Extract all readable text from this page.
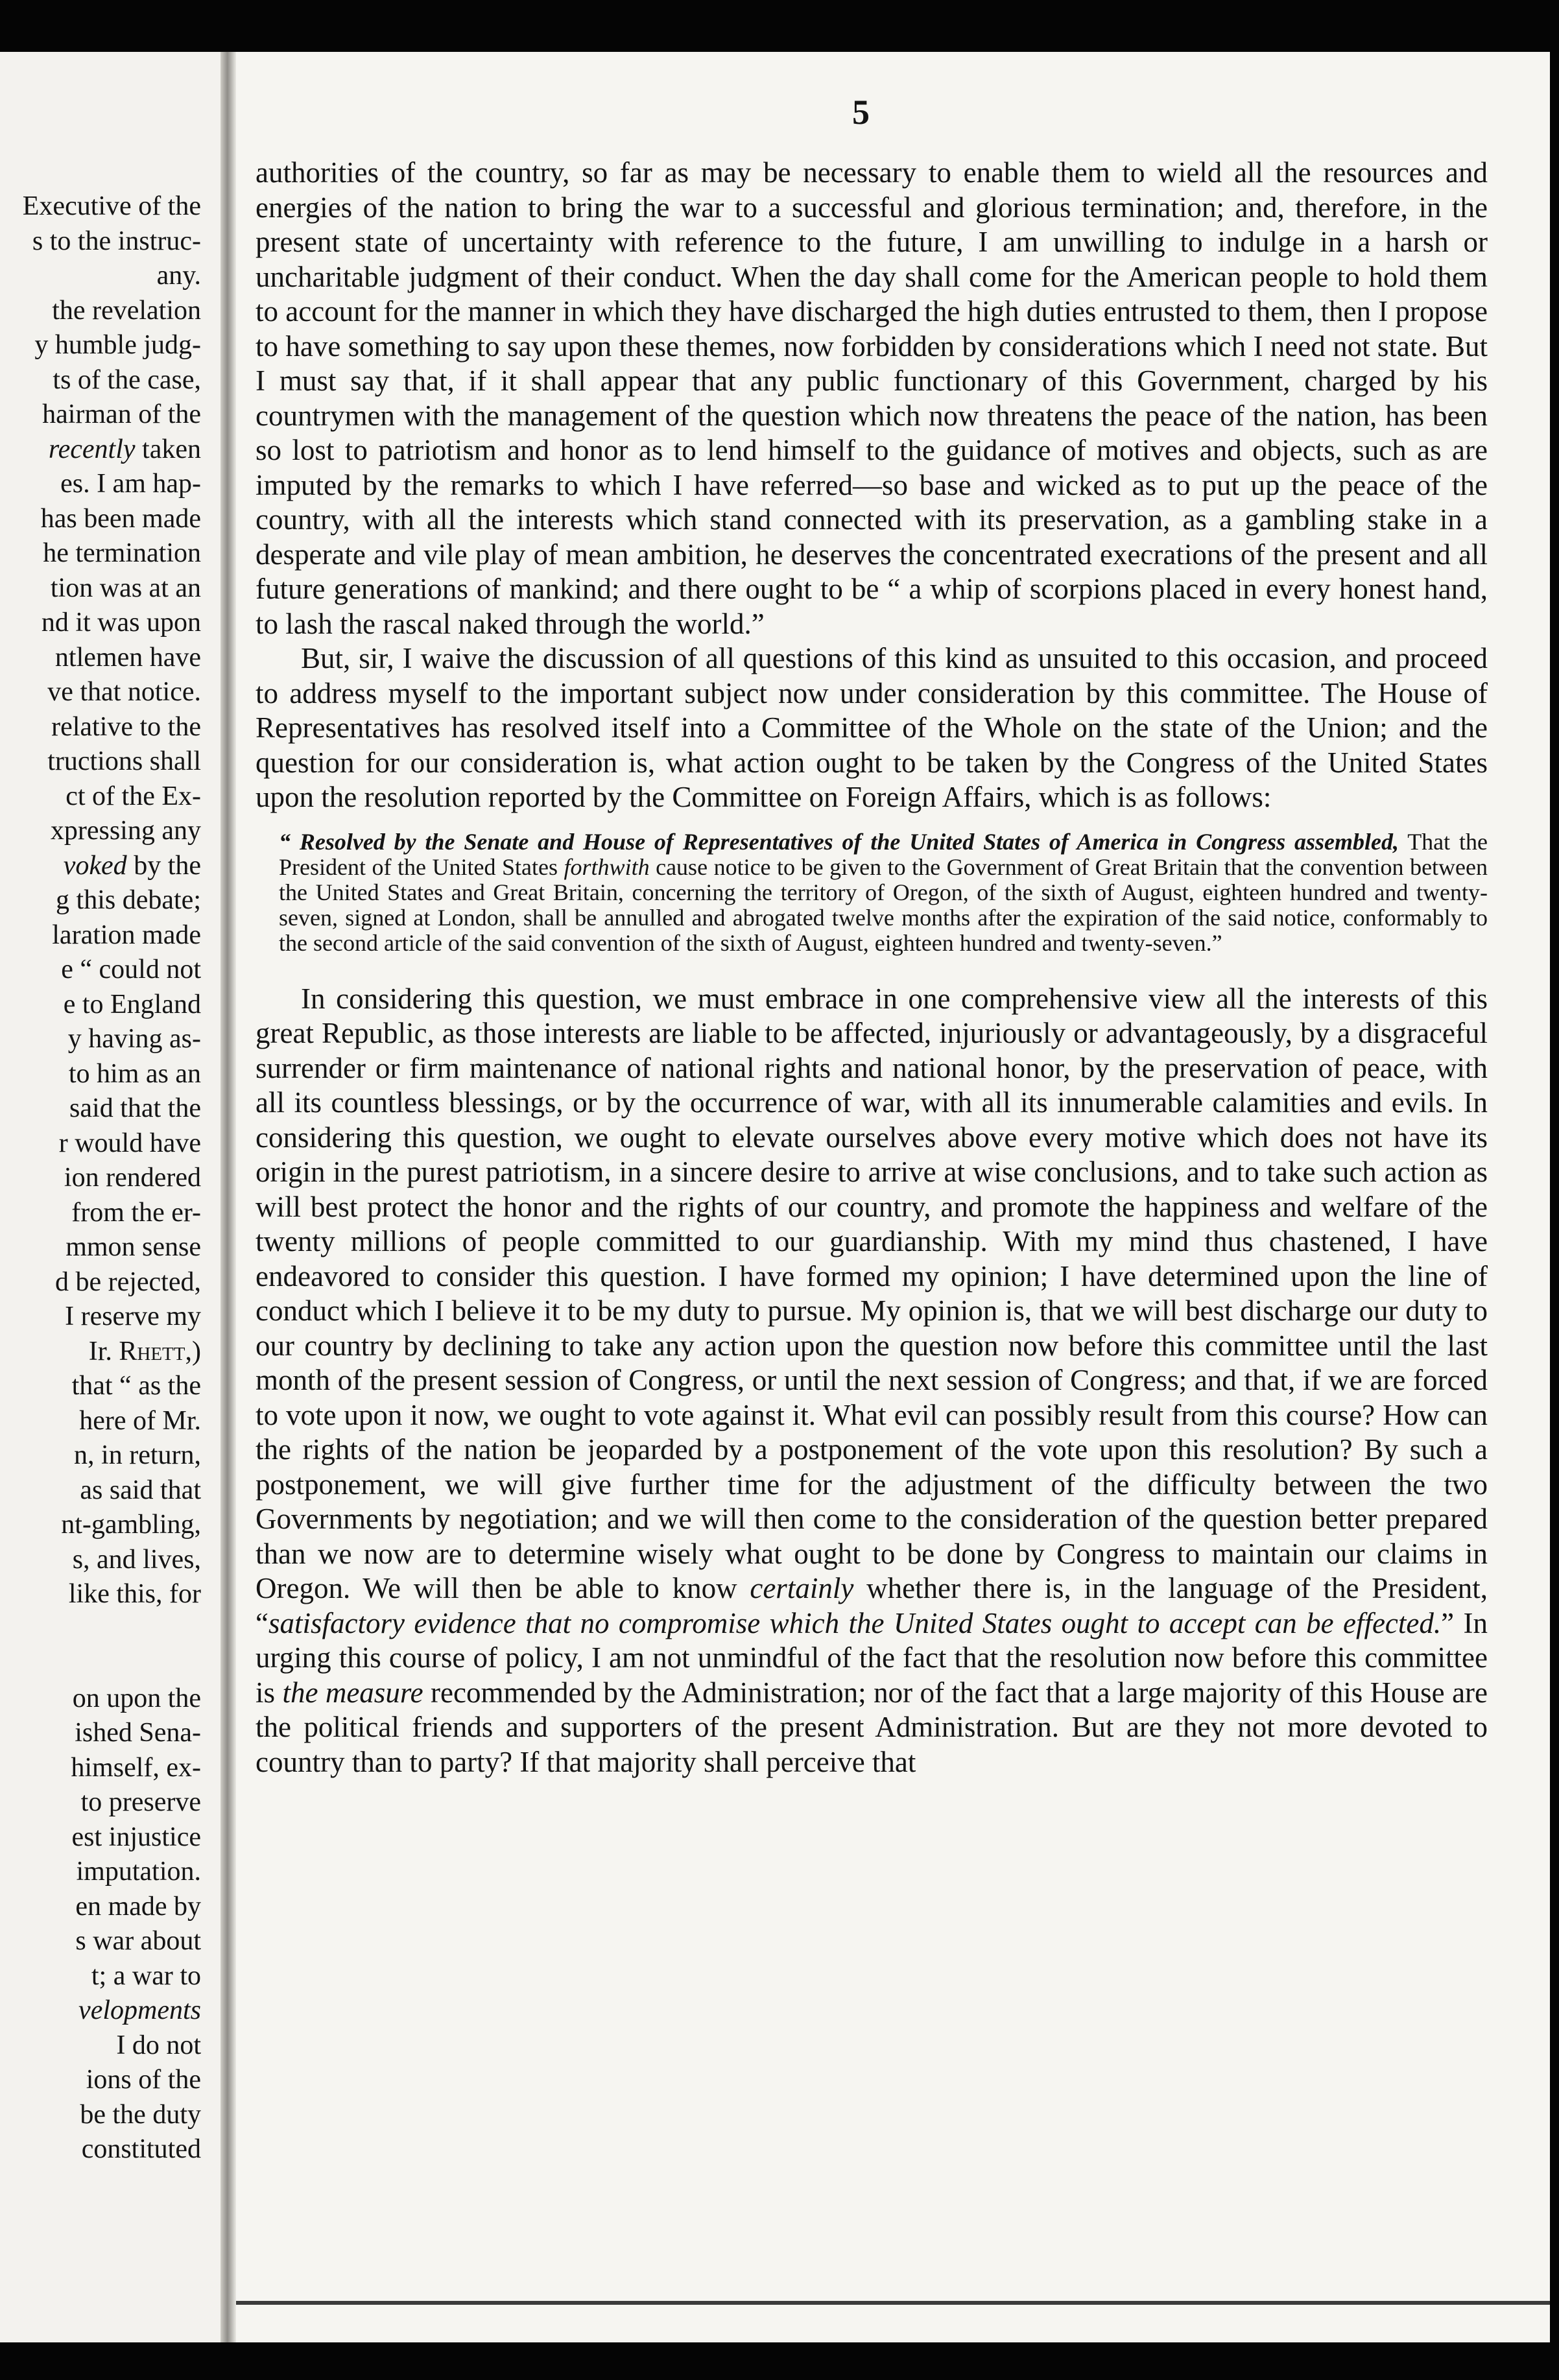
Executive of the
s to the instruc-
any.
the revelation
y humble judg-
ts of the case,
hairman of the
recently taken
es. I am hap-
has been made
he termination
tion was at an
nd it was upon
ntlemen have
ve that notice.
relative to the
tructions shall
ct of the Ex-
xpressing any
voked by the
g this debate;
laration made
e “ could not
e to England
y having as-
to him as an
said that the
r would have
ion rendered
from the er-
mmon sense
d be rejected,
I reserve my
Ir. Rhett,)
that “ as the
here of Mr.
n, in return,
as said that
nt-gambling,
s, and lives,
like this, for

on upon the
ished Sena-
himself, ex-
to preserve
est injustice
imputation.
en made by
s war about
t; a war to
velopments
I do not
ions of the
be the duty
constituted

5

authorities of the country, so far as may be necessary to enable them to wield all the resources and energies of the nation to bring the war to a successful and glorious termination; and, therefore, in the present state of uncertainty with reference to the future, I am unwilling to indulge in a harsh or uncharitable judgment of their conduct. When the day shall come for the American people to hold them to account for the manner in which they have discharged the high duties entrusted to them, then I propose to have something to say upon these themes, now forbidden by considerations which I need not state. But I must say that, if it shall appear that any public functionary of this Government, charged by his countrymen with the management of the question which now threatens the peace of the nation, has been so lost to patriotism and honor as to lend himself to the guidance of motives and objects, such as are imputed by the remarks to which I have referred—so base and wicked as to put up the peace of the country, with all the interests which stand connected with its preservation, as a gambling stake in a desperate and vile play of mean ambition, he deserves the concentrated execrations of the present and all future generations of mankind; and there ought to be “ a whip of scorpions placed in every honest hand, to lash the rascal naked through the world.”

But, sir, I waive the discussion of all questions of this kind as unsuited to this occasion, and proceed to address myself to the important subject now under consideration by this committee. The House of Representatives has resolved itself into a Committee of the Whole on the state of the Union; and the question for our consideration is, what action ought to be taken by the Congress of the United States upon the resolution reported by the Committee on Foreign Affairs, which is as follows:

“ Resolved by the Senate and House of Representatives of the United States of America in Congress assembled, That the President of the United States forthwith cause notice to be given to the Government of Great Britain that the convention between the United States and Great Britain, concerning the territory of Oregon, of the sixth of August, eighteen hundred and twenty-seven, signed at London, shall be annulled and abrogated twelve months after the expiration of the said notice, conformably to the second article of the said convention of the sixth of August, eighteen hundred and twenty-seven.”

In considering this question, we must embrace in one comprehensive view all the interests of this great Republic, as those interests are liable to be affected, injuriously or advantageously, by a disgraceful surrender or firm maintenance of national rights and national honor, by the preservation of peace, with all its countless blessings, or by the occurrence of war, with all its innumerable calamities and evils. In considering this question, we ought to elevate ourselves above every motive which does not have its origin in the purest patriotism, in a sincere desire to arrive at wise conclusions, and to take such action as will best protect the honor and the rights of our country, and promote the happiness and welfare of the twenty millions of people committed to our guardianship. With my mind thus chastened, I have endeavored to consider this question. I have formed my opinion; I have determined upon the line of conduct which I believe it to be my duty to pursue. My opinion is, that we will best discharge our duty to our country by declining to take any action upon the question now before this committee until the last month of the present session of Congress, or until the next session of Congress; and that, if we are forced to vote upon it now, we ought to vote against it. What evil can possibly result from this course? How can the rights of the nation be jeoparded by a postponement of the vote upon this resolution? By such a postponement, we will give further time for the adjustment of the difficulty between the two Governments by negotiation; and we will then come to the consideration of the question better prepared than we now are to determine wisely what ought to be done by Congress to maintain our claims in Oregon. We will then be able to know certainly whether there is, in the language of the President, “satisfactory evidence that no compromise which the United States ought to accept can be effected.” In urging this course of policy, I am not unmindful of the fact that the resolution now before this committee is the measure recommended by the Administration; nor of the fact that a large majority of this House are the political friends and supporters of the present Administration. But are they not more devoted to country than to party? If that majority shall perceive that
